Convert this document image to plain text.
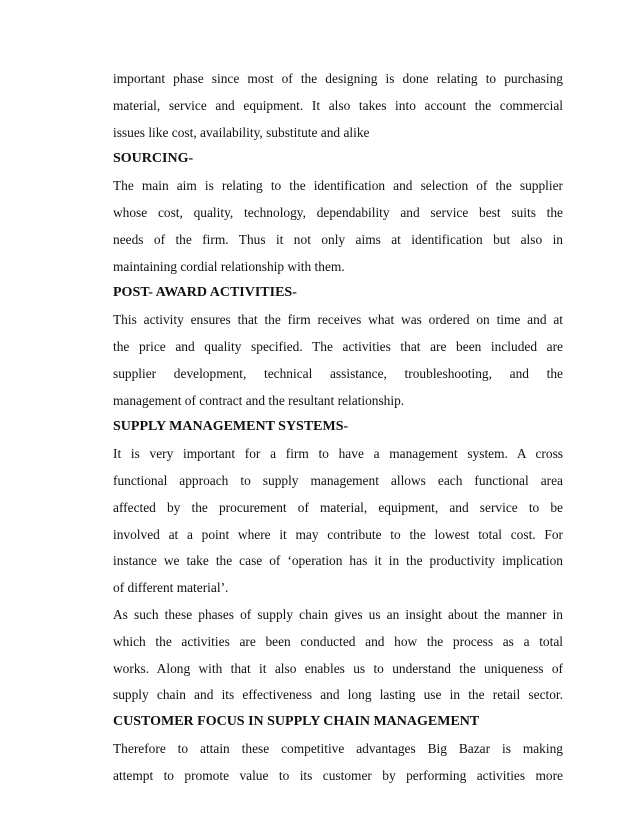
important phase since most of the designing is done relating to purchasing
material, service and equipment. It also takes into account the commercial
issues like cost, availability, substitute and alike
SOURCING-
The main aim is relating to the identification and selection of the supplier
whose cost, quality, technology, dependability and service best suits the
needs of the firm. Thus it not only aims at identification but also in
maintaining cordial relationship with them.
POST- AWARD ACTIVITIES-
This activity ensures that the firm receives what was ordered on time and at
the price and quality specified. The activities that are been included are
supplier development, technical assistance, troubleshooting, and the
management of contract and the resultant relationship.
SUPPLY MANAGEMENT SYSTEMS-
It is very important for a firm to have a management system. A cross
functional approach to supply management allows each functional area
affected by the procurement of material, equipment, and service to be
involved at a point where it may contribute to the lowest total cost. For
instance we take the case of ‘operation has it in the productivity implication
of different material’.
As such these phases of supply chain gives us an insight about the manner in
which the activities are been conducted and how the process as a total
works. Along with that it also enables us to understand the uniqueness of
supply chain and its effectiveness and long lasting use in the retail sector.
CUSTOMER FOCUS IN SUPPLY CHAIN MANAGEMENT
Therefore to attain these competitive advantages Big Bazar is making
attempt to promote value to its customer by performing activities more
